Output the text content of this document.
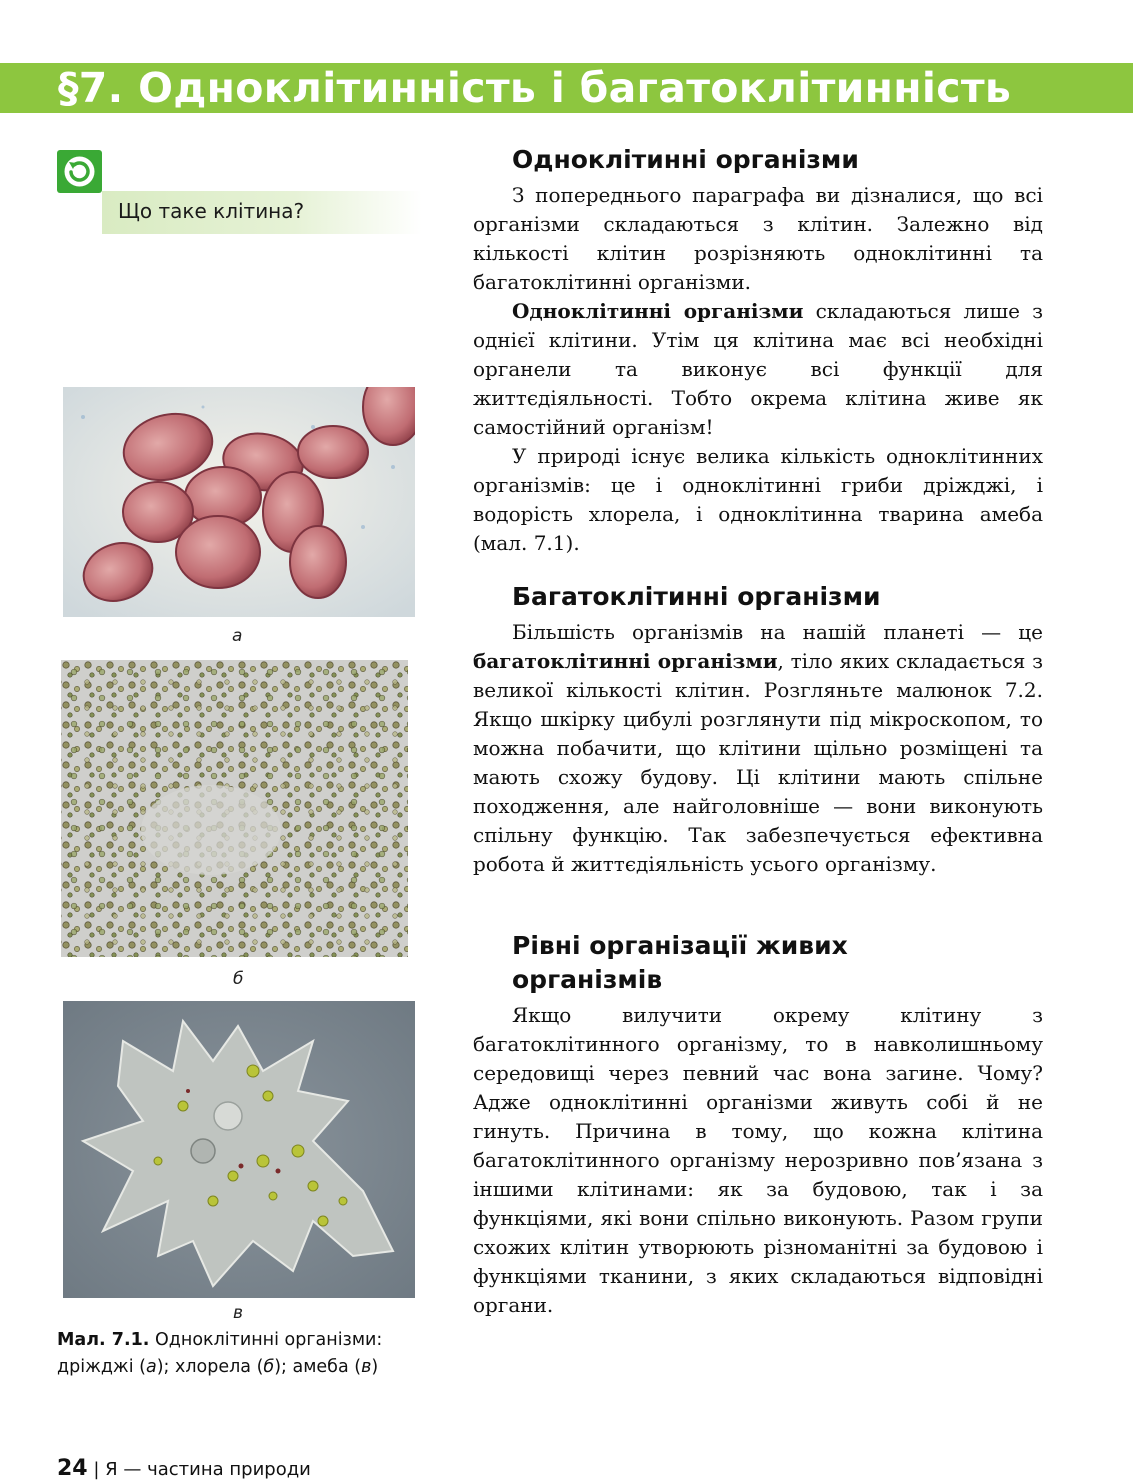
§7. Одноклітинність і багатоклітинність
Що таке клітина?
а
б
в
Мал. 7.1. Одноклітинні організми:
дріжджі (а); хлорела (б); амеба (в)
Одноклітинні організми

З попереднього параграфа ви дізналися, що всі організми складаються з клітин. Залежно від кількості клітин розрізняють одноклітинні та багатоклітинні організми.

Одноклітинні організми складаються лише з однієї клітини. Утім ця клітина має всі необхідні органели та виконує всі функції для життєдіяльності. Тобто окрема клітина живе як самостійний організм!

У природі існує велика кількість одноклітинних організмів: це і одноклітинні гриби дріжджі, і водорість хлорела, і одноклітинна тварина амеба (мал. 7.1).

Багатоклітинні організми

Більшість організмів на нашій планеті — це багатоклітинні організми, тіло яких складається з великої кількості клітин. Розгляньте малюнок 7.2. Якщо шкірку цибулі розглянути під мікроскопом, то можна побачити, що клітини щільно розміщені та мають схожу будову. Ці клітини мають спільне походження, але найголовніше — вони виконують спільну функцію. Так забезпечується ефективна робота й життєдіяльність усього організму.

Рівні організації живих
організмів

Якщо вилучити окрему клітину з багатоклітинного організму, то в навколишньому середовищі через певний час вона загине. Чому? Адже одноклітинні організми живуть собі й не гинуть. Причина в тому, що кожна клітина багатоклітинного організму нерозривно пов’язана з іншими клітинами: як за будовою, так і за функціями, які вони спільно виконують. Разом групи схожих клітин утворюють різноманітні за будовою і функціями тканини, з яких складаються відповідні органи.

24 | Я — частина природи
